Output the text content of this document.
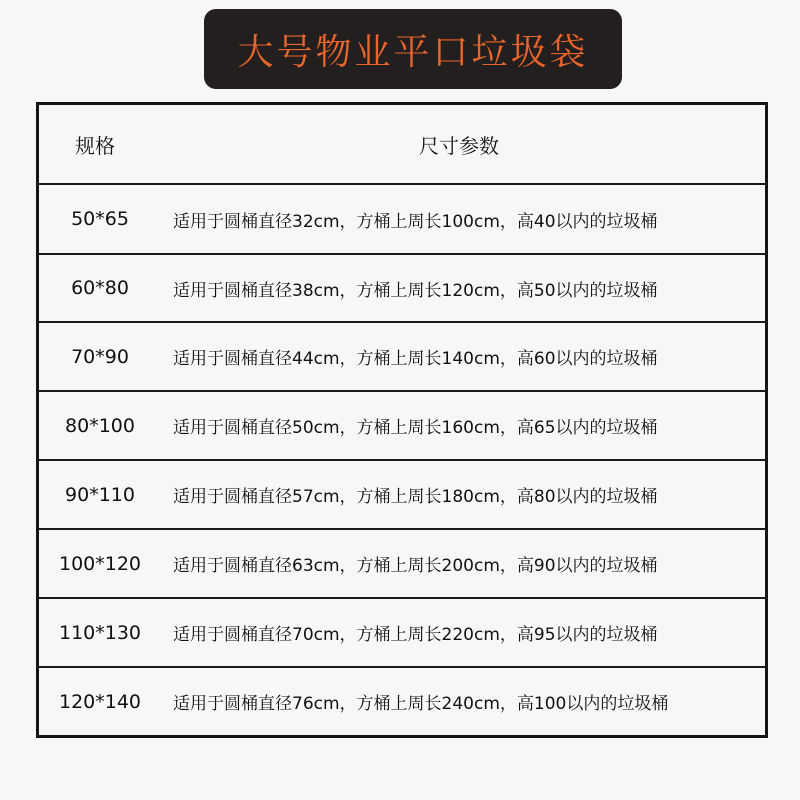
大号物业平口垃圾袋
规格	尺寸参数
50*65	适用于圆桶直径32cm，方桶上周长100cm，高40以内的垃圾桶
60*80	适用于圆桶直径38cm，方桶上周长120cm，高50以内的垃圾桶
70*90	适用于圆桶直径44cm，方桶上周长140cm，高60以内的垃圾桶
80*100	适用于圆桶直径50cm，方桶上周长160cm，高65以内的垃圾桶
90*110	适用于圆桶直径57cm，方桶上周长180cm，高80以内的垃圾桶
100*120	适用于圆桶直径63cm，方桶上周长200cm，高90以内的垃圾桶
110*130	适用于圆桶直径70cm，方桶上周长220cm，高95以内的垃圾桶
120*140	适用于圆桶直径76cm，方桶上周长240cm，高100以内的垃圾桶
